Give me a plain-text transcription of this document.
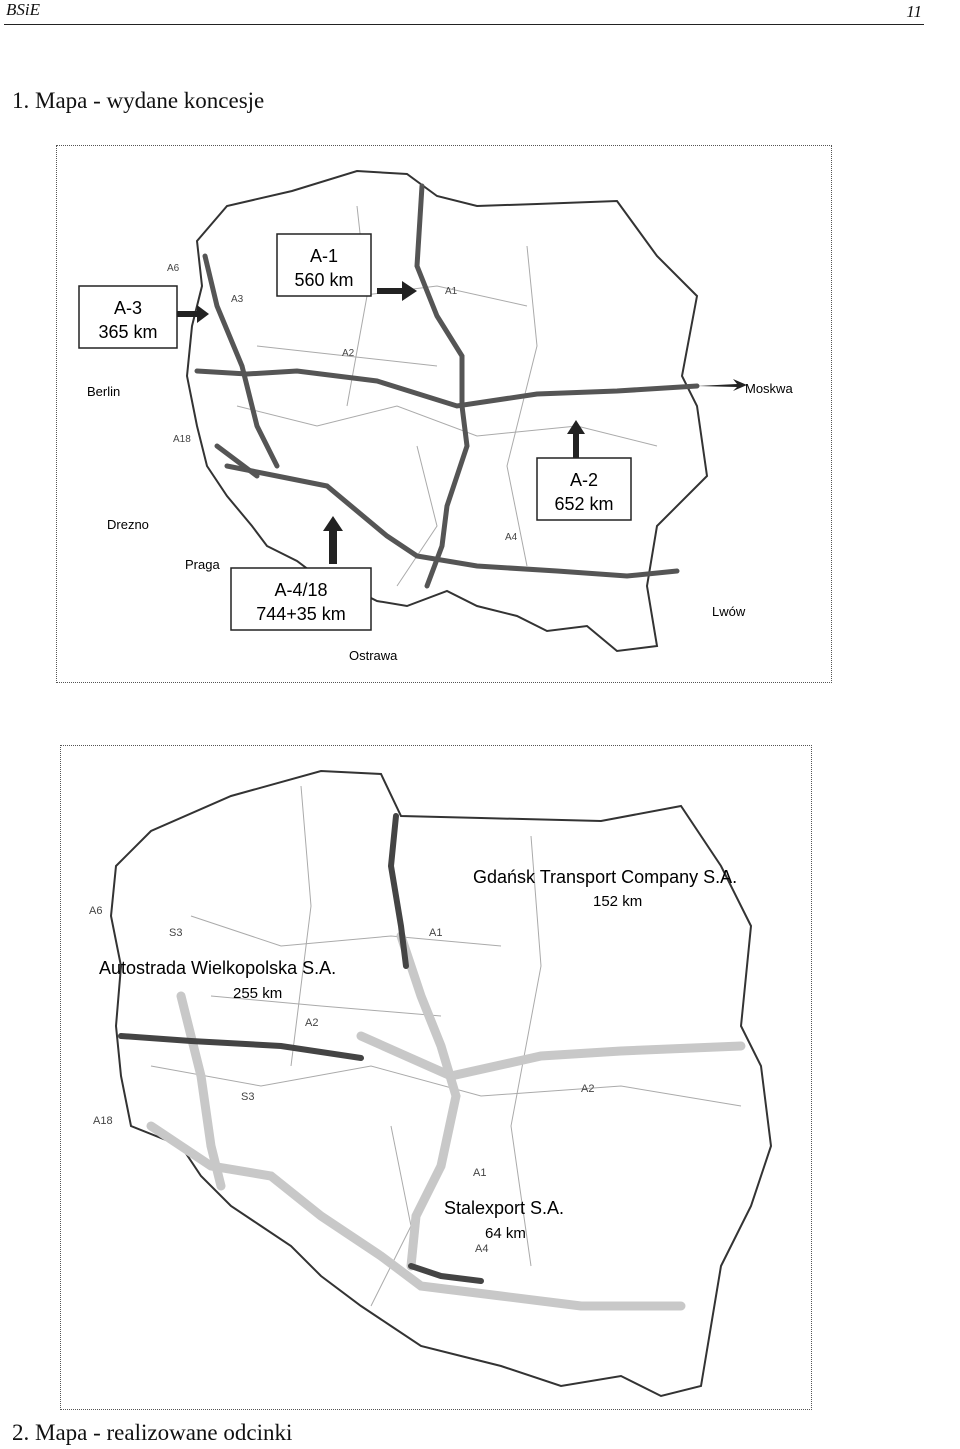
BSiE	11
1. Mapa - wydane koncesje
A-3
365 km
A-1
560 km
A-2
652 km
A-4/18
744+35 km
Berlin	Moskwa
Drezno
Praga
Lwów
Ostrawa
A6
A3
A1
A2
A18
A4
Gdańsk Transport Company S.A.
152 km
Autostrada Wielkopolska S.A.
255 km
Stalexport S.A.
64 km
A6
S3	A1
A2
A18
A4
A2
A1
S3
2. Mapa - realizowane odcinki
